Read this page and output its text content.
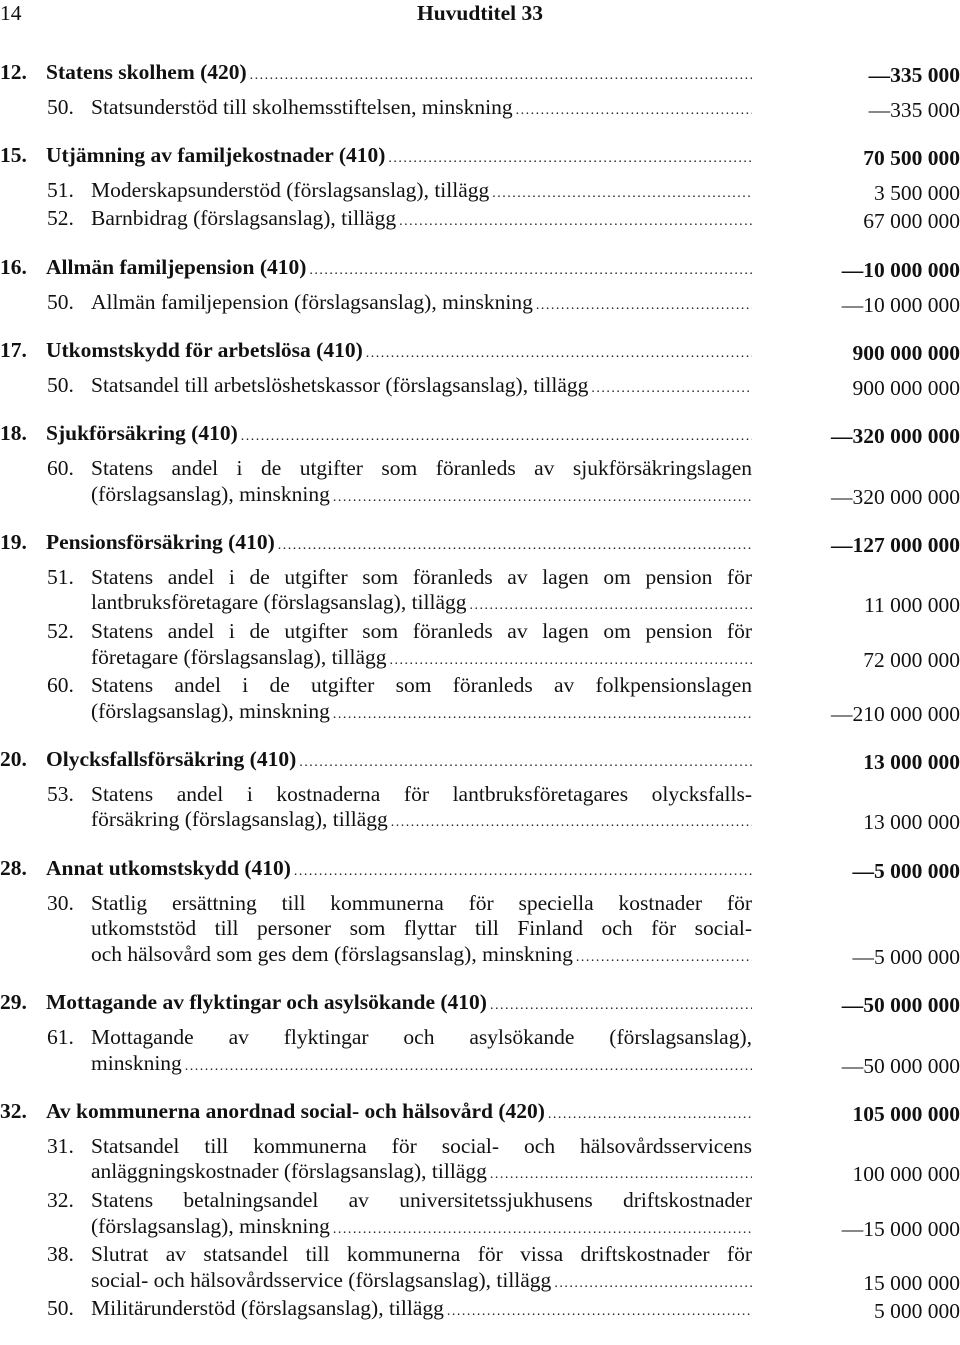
14	Huvudtitel 33
12. Statens skolhem (420) .....	—335 000
50. Statsunderstöd till skolhemsstiftelsen, minskning .....	—335 000
15. Utjämning av familjekostnader (410) .....	70 500 000
51. Moderskapsunderstöd (förslagsanslag), tillägg .....	3 500 000
52. Barnbidrag (förslagsanslag), tillägg .....	67 000 000
16. Allmän familjepension (410) .....	—10 000 000
50. Allmän familjepension (förslagsanslag), minskning .....	—10 000 000
17. Utkomstskydd för arbetslösa (410) .....	900 000 000
50. Statsandel till arbetslöshetskassor (förslagsanslag), tillägg .....	900 000 000
18. Sjukförsäkring (410) .....	—320 000 000
60. Statens andel i de utgifter som föranleds av sjukförsäkringslagen
(förslagsanslag), minskning .....	—320 000 000
19. Pensionsförsäkring (410) .....	—127 000 000
51. Statens andel i de utgifter som föranleds av lagen om pension för
lantbruksföretagare (förslagsanslag), tillägg .....	11 000 000
52. Statens andel i de utgifter som föranleds av lagen om pension för
företagare (förslagsanslag), tillägg .....	72 000 000
60. Statens andel i de utgifter som föranleds av folkpensionslagen
(förslagsanslag), minskning .....	—210 000 000
20. Olycksfallsförsäkring (410) .....	13 000 000
53. Statens andel i kostnaderna för lantbruksföretagares olycksfalls-
försäkring (förslagsanslag), tillägg .....	13 000 000
28. Annat utkomstskydd (410) .....	—5 000 000
30. Statlig ersättning till kommunerna för speciella kostnader för
utkomststöd till personer som flyttar till Finland och för social-
och hälsovård som ges dem (förslagsanslag), minskning .....	—5 000 000
29. Mottagande av flyktingar och asylsökande (410) .....	—50 000 000
61. Mottagande av flyktingar och asylsökande (förslagsanslag),
minskning .....	—50 000 000
32. Av kommunerna anordnad social- och hälsovård (420) .....	105 000 000
31. Statsandel till kommunerna för social- och hälsovårdsservicens
anläggningskostnader (förslagsanslag), tillägg .....	100 000 000
32. Statens betalningsandel av universitetssjukhusens driftskostnader
(förslagsanslag), minskning .....	—15 000 000
38. Slutrat av statsandel till kommunerna för vissa driftskostnader för
social- och hälsovårdsservice (förslagsanslag), tillägg .....	15 000 000
50. Militärunderstöd (förslagsanslag), tillägg .....	5 000 000
